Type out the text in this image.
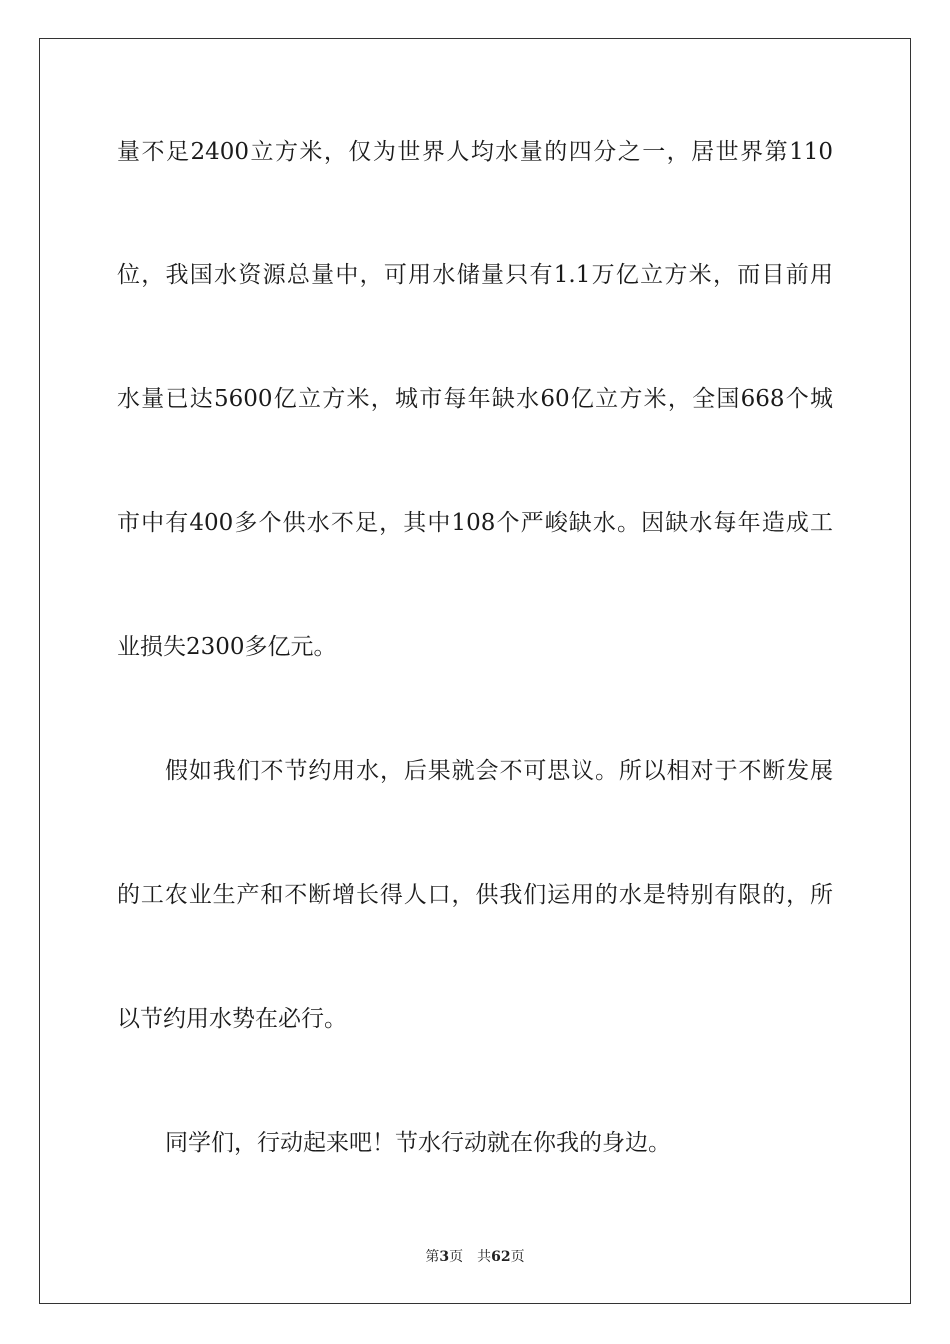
量不足2400立方米，仅为世界人均水量的四分之一，居世界第110
位，我国水资源总量中，可用水储量只有1.1万亿立方米，而目前用
水量已达5600亿立方米，城市每年缺水60亿立方米，全国668个城
市中有400多个供水不足，其中108个严峻缺水。因缺水每年造成工
业损失2300多亿元。
假如我们不节约用水，后果就会不可思议。所以相对于不断发展
的工农业生产和不断增长得人口，供我们运用的水是特别有限的，所
以节约用水势在必行。
同学们，行动起来吧！节水行动就在你我的身边。
第3页 共62页
